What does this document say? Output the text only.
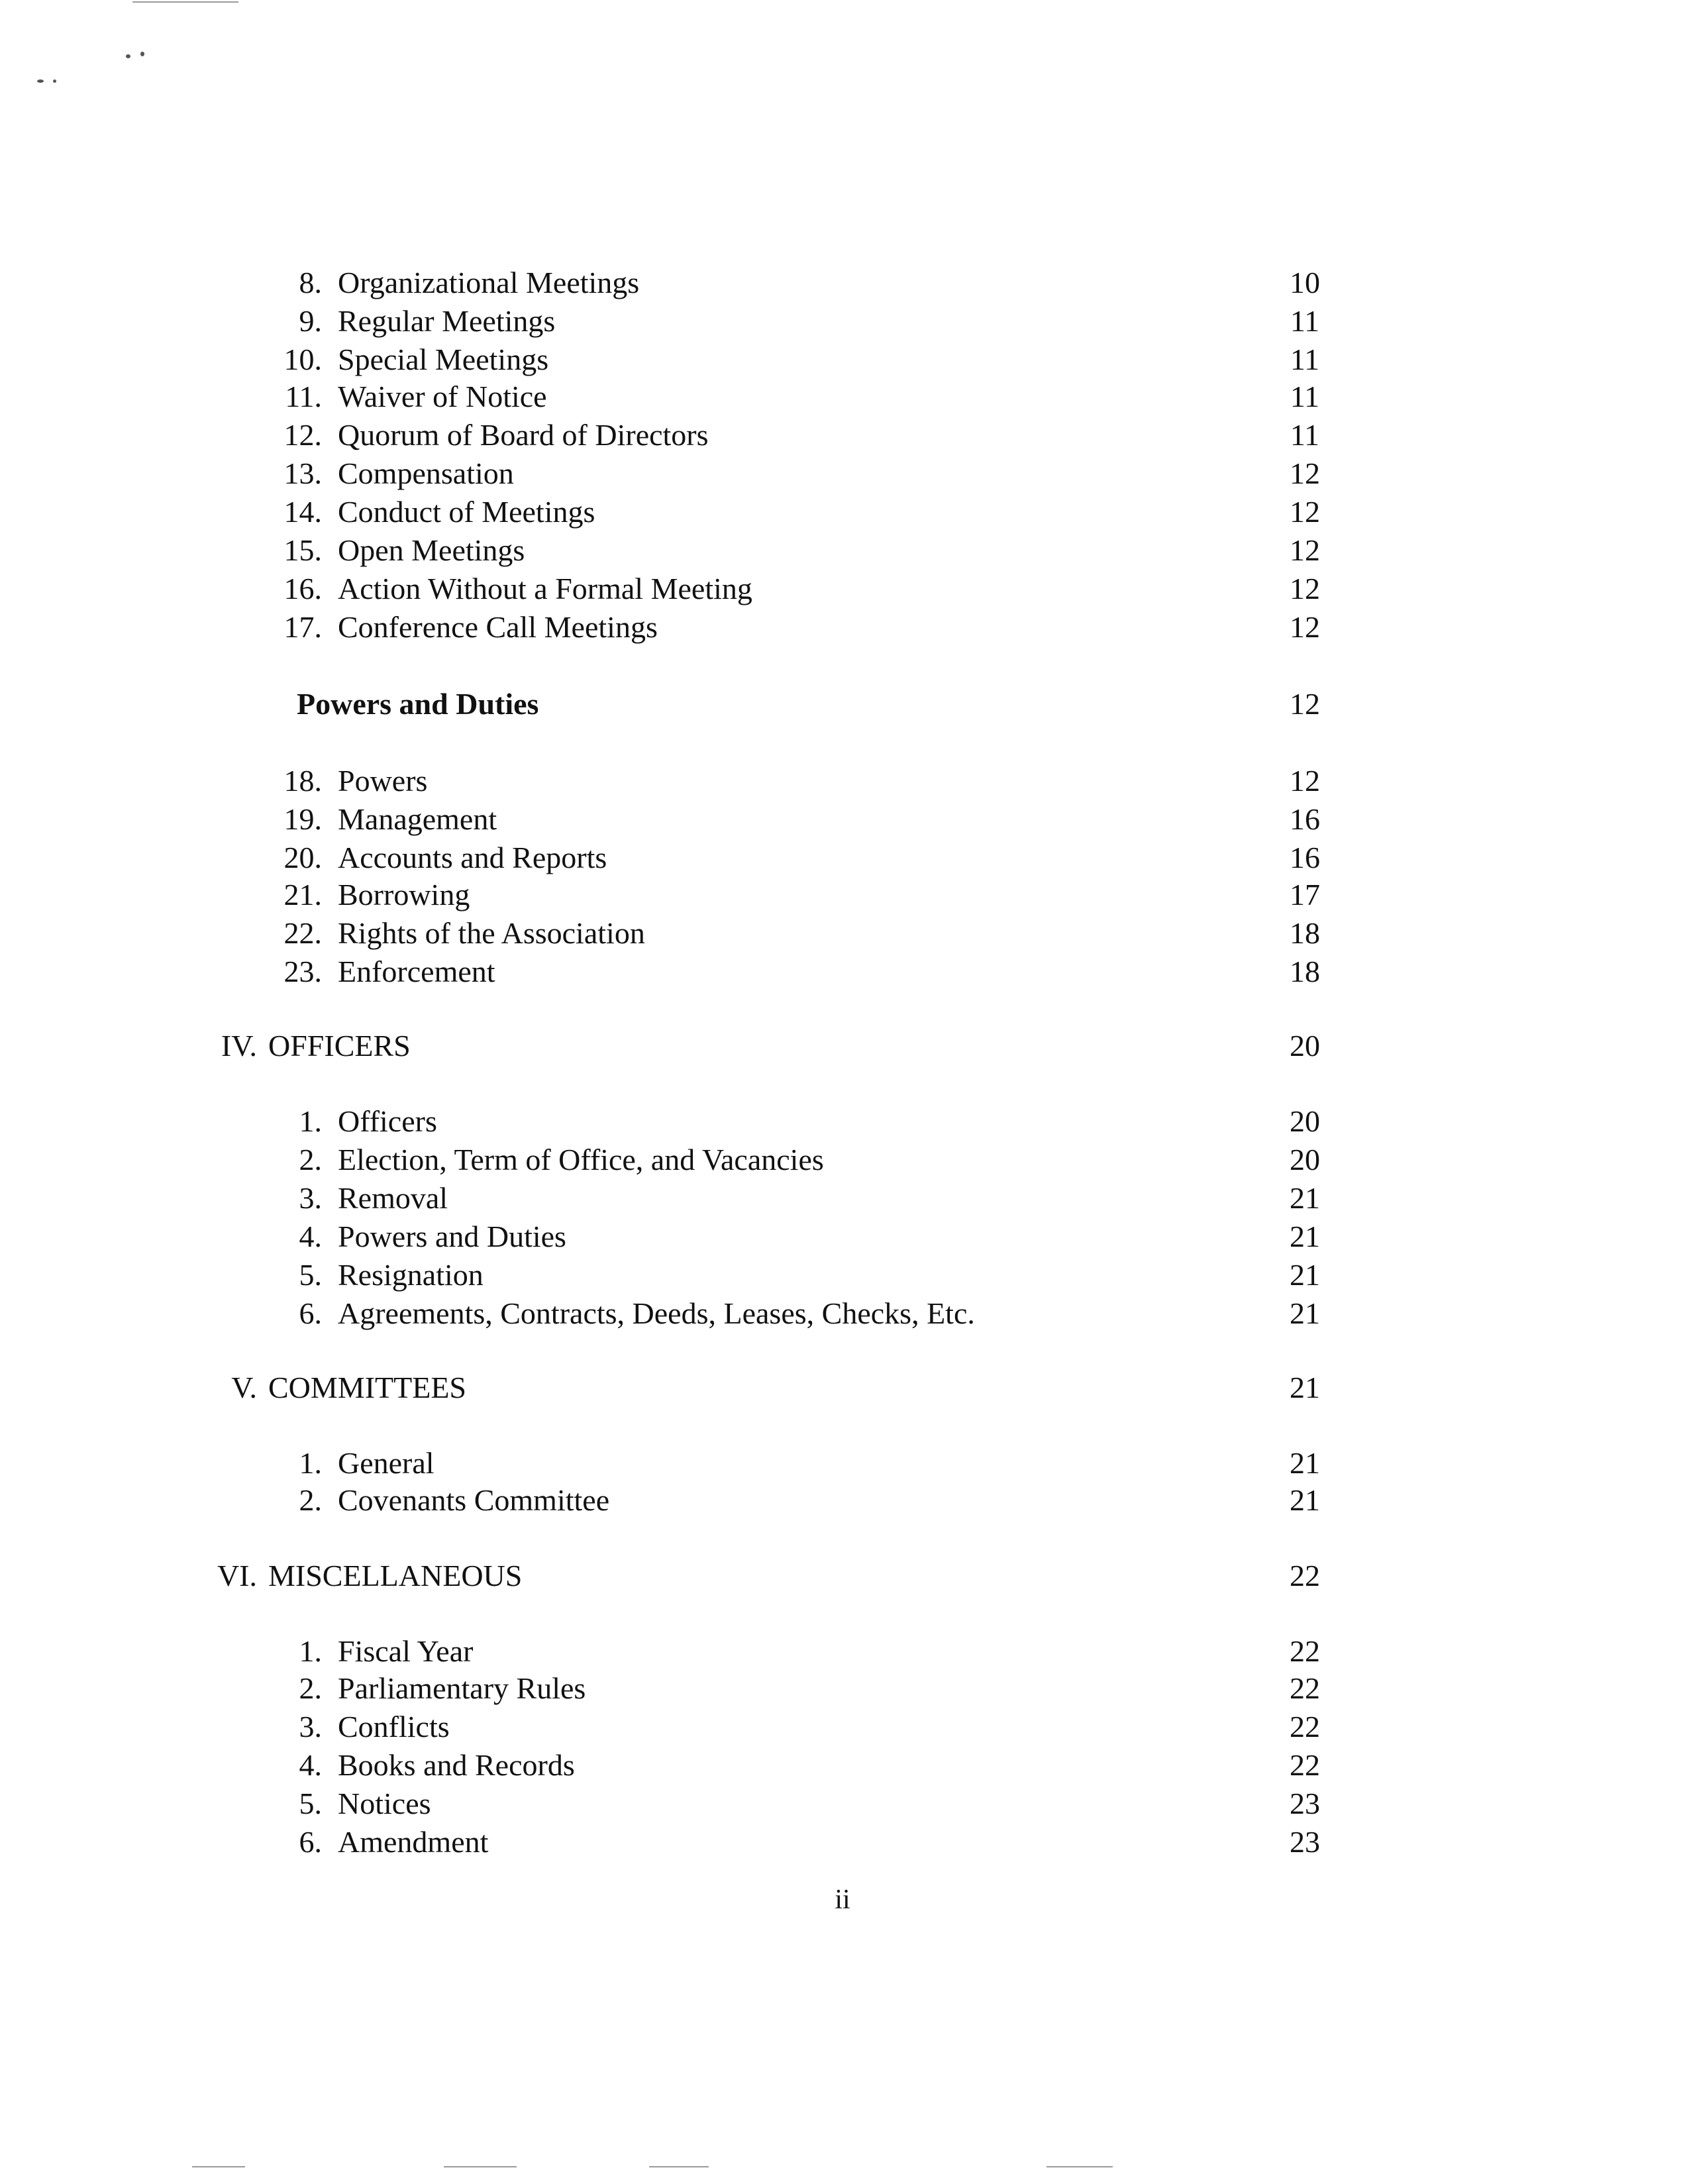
8. Organizational Meetings	10
9. Regular Meetings	11
10. Special Meetings	11
11. Waiver of Notice	11
12. Quorum of Board of Directors	11
13. Compensation	12
14. Conduct of Meetings	12
15. Open Meetings	12
16. Action Without a Formal Meeting	12
17. Conference Call Meetings	12
Powers and Duties	12
18. Powers	12
19. Management	16
20. Accounts and Reports	16
21. Borrowing	17
22. Rights of the Association	18
23. Enforcement	18
IV. OFFICERS	20
1. Officers	20
2. Election, Term of Office, and Vacancies	20
3. Removal	21
4. Powers and Duties	21
5. Resignation	21
6. Agreements, Contracts, Deeds, Leases, Checks, Etc.	21
V. COMMITTEES	21
1. General	21
2. Covenants Committee	21
VI. MISCELLANEOUS	22
1. Fiscal Year	22
2. Parliamentary Rules	22
3. Conflicts	22
4. Books and Records	22
5. Notices	23
6. Amendment	23
ii
